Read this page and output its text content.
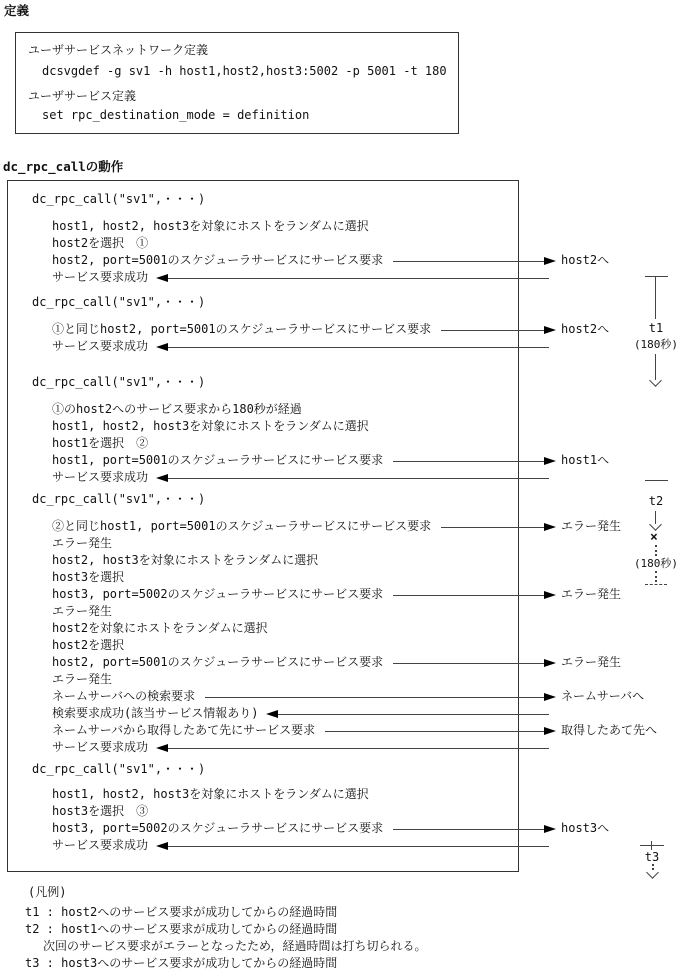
定義
dc_rpc_callの動作
ユーザサービスネットワーク定義
dcsvgdef -g sv1 -h host1,host2,host3:5002 -p 5001 -t 180
ユーザサービス定義
set rpc_destination_mode = definition
dc_rpc_call("sv1",・・・)
host1, host2, host3を対象にホストをランダムに選択
host2を選択　①
host2, port=5001のスケジューラサービスにサービス要求	host2へ
サービス要求成功
dc_rpc_call("sv1",・・・)
①と同じhost2, port=5001のスケジューラサービスにサービス要求	host2へ
サービス要求成功
dc_rpc_call("sv1",・・・)
①のhost2へのサービス要求から180秒が経過
host1, host2, host3を対象にホストをランダムに選択
host1を選択　②
host1, port=5001のスケジューラサービスにサービス要求	host1へ
サービス要求成功
dc_rpc_call("sv1",・・・)
②と同じhost1, port=5001のスケジューラサービスにサービス要求	エラー発生
エラー発生
host2, host3を対象にホストをランダムに選択
host3を選択
host3, port=5002のスケジューラサービスにサービス要求	エラー発生
エラー発生
host2を対象にホストをランダムに選択
host2を選択
host2, port=5001のスケジューラサービスにサービス要求	エラー発生
エラー発生
ネームサーバへの検索要求	ネームサーバへ
検索要求成功(該当サービス情報あり)
ネームサーバから取得したあて先にサービス要求	取得したあて先へ
サービス要求成功
dc_rpc_call("sv1",・・・)
host1, host2, host3を対象にホストをランダムに選択
host3を選択　③
host3, port=5002のスケジューラサービスにサービス要求	host3へ
サービス要求成功
t1
(180秒)
t2
×
(180秒)
t3
(凡例)
t1 : host2へのサービス要求が成功してからの経過時間
t2 : host1へのサービス要求が成功してからの経過時間
次回のサービス要求がエラーとなったため，経過時間は打ち切られる。
t3 : host3へのサービス要求が成功してからの経過時間
